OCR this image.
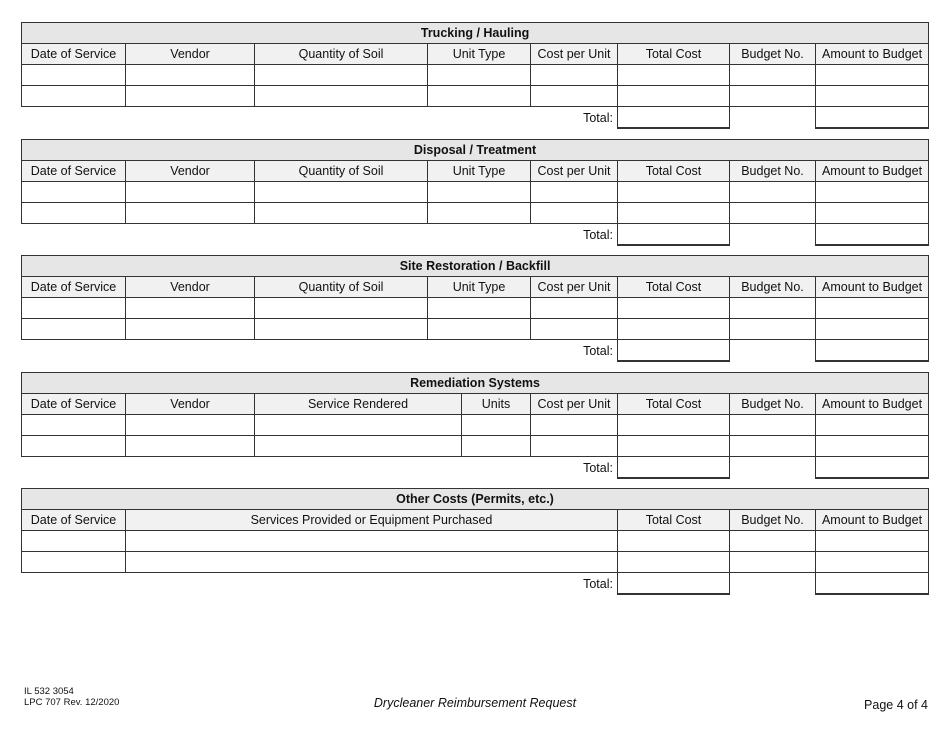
Trucking / Hauling							
Date of Service	Vendor	Quantity of Soil	Unit Type	Cost per Unit	Total Cost	Budget No.	Amount to Budget

Total:							
Disposal / Treatment							
Date of Service	Vendor	Quantity of Soil	Unit Type	Cost per Unit	Total Cost	Budget No.	Amount to Budget

Total:							
Site Restoration / Backfill							
Date of Service	Vendor	Quantity of Soil	Unit Type	Cost per Unit	Total Cost	Budget No.	Amount to Budget

Total:							
Remediation Systems							
Date of Service	Vendor	Service Rendered	Units	Cost per Unit	Total Cost	Budget No.	Amount to Budget

Total:							
Other Costs (Permits, etc.)				
Date of Service	Services Provided or Equipment Purchased	Total Cost	Budget No.	Amount to Budget

Total:				
IL 532 3054
LPC 707 Rev. 12/2020	Drycleaner Reimbursement Request	Page 4 of 4
